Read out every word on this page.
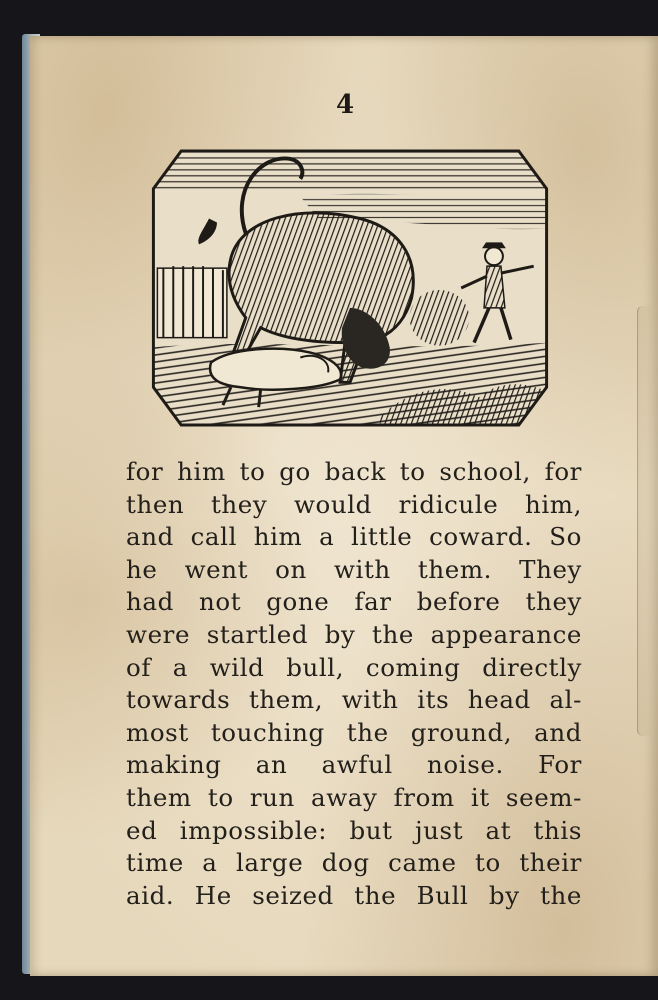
4
for him to go back to school, for
then they would ridicule him,
and call him a little coward. So
he went on with them. They
had not gone far before they
were startled by the appearance
of a wild bull, coming directly
towards them, with its head al-
most touching the ground, and
making an awful noise. For
them to run away from it seem-
ed impossible: but just at this
time a large dog came to their
aid. He seized the Bull by the
